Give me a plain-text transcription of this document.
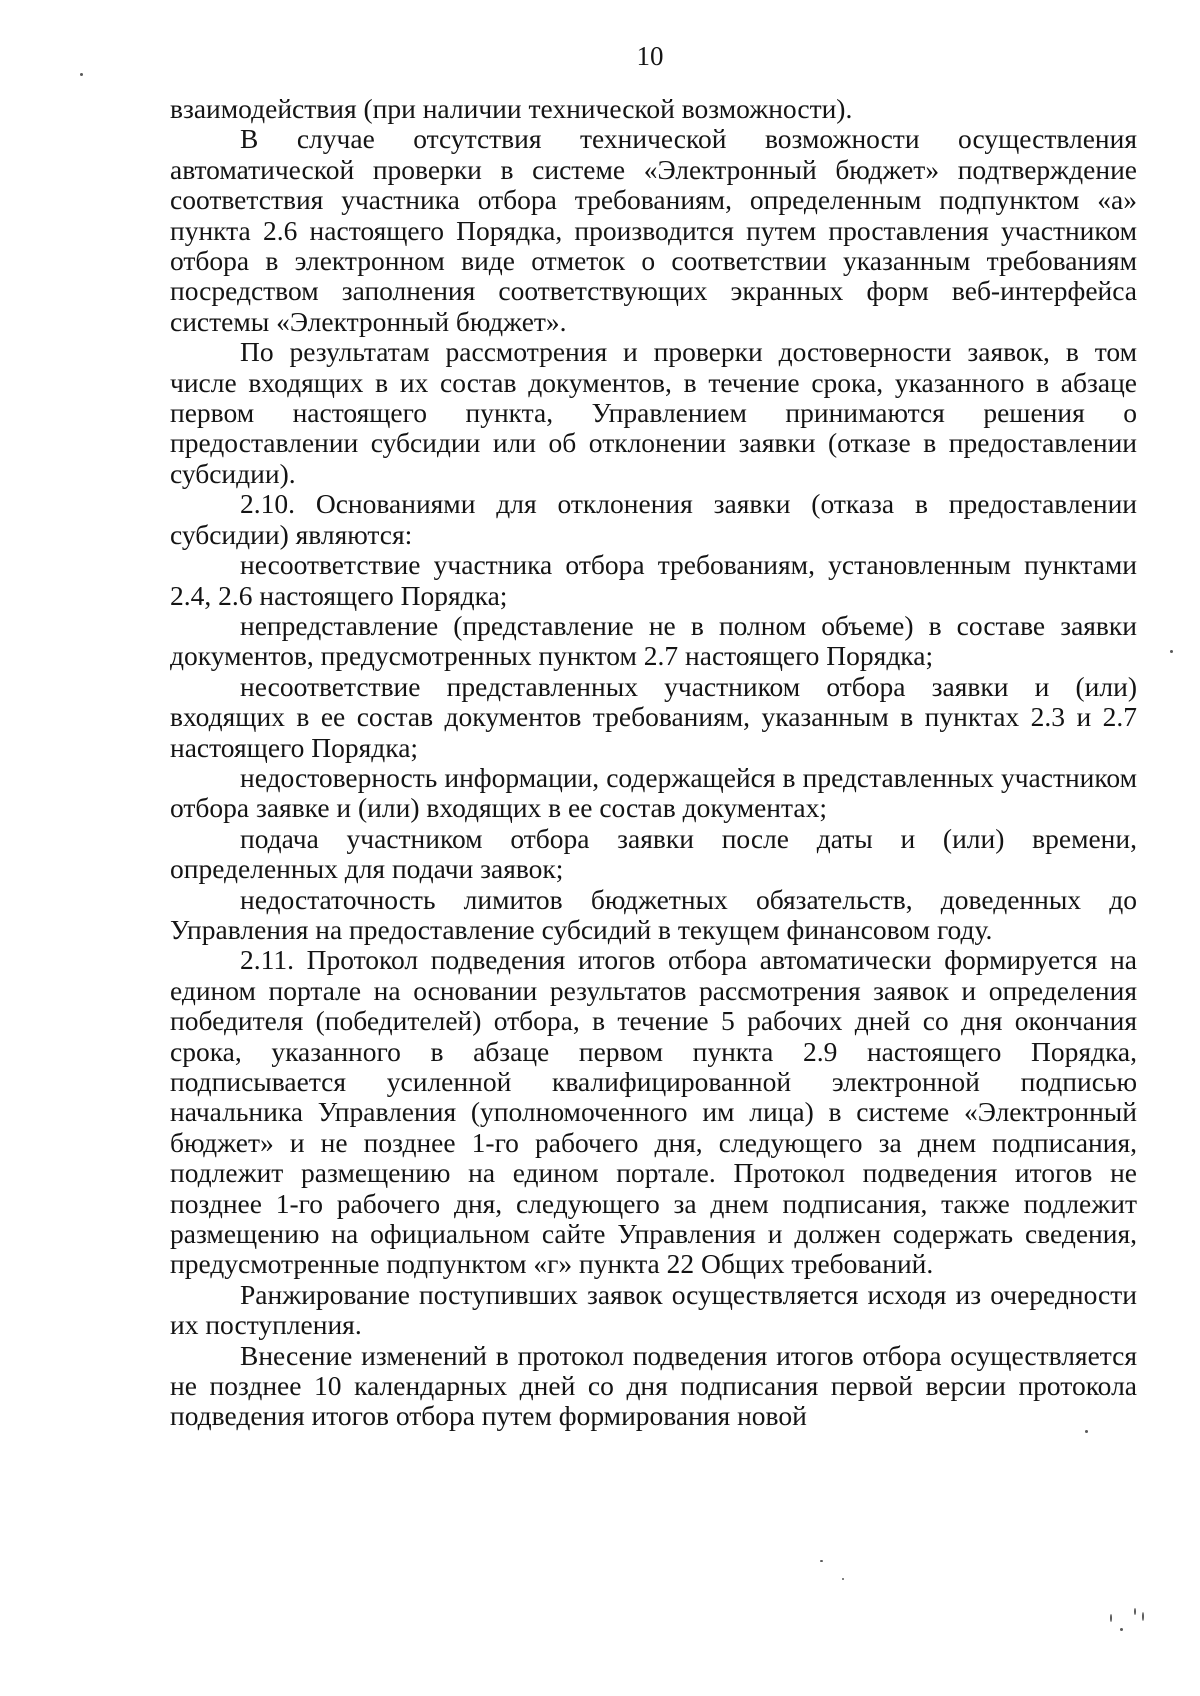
10

взаимодействия (при наличии технической возможности).

В случае отсутствия технической возможности осуществления автоматической проверки в системе «Электронный бюджет» подтверждение соответствия участника отбора требованиям, определенным подпунктом «а» пункта 2.6 настоящего Порядка, производится путем проставления участником отбора в электронном виде отметок о соответствии указанным требованиям посредством заполнения соответствующих экранных форм веб-интерфейса системы «Электронный бюджет».

По результатам рассмотрения и проверки достоверности заявок, в том числе входящих в их состав документов, в течение срока, указанного в абзаце первом настоящего пункта, Управлением принимаются решения о предоставлении субсидии или об отклонении заявки (отказе в предоставлении субсидии).

2.10. Основаниями для отклонения заявки (отказа в предоставлении субсидии) являются:

несоответствие участника отбора требованиям, установленным пунктами 2.4, 2.6 настоящего Порядка;

непредставление (представление не в полном объеме) в составе заявки документов, предусмотренных пунктом 2.7 настоящего Порядка;

несоответствие представленных участником отбора заявки и (или) входящих в ее состав документов требованиям, указанным в пунктах 2.3 и 2.7 настоящего Порядка;

недостоверность информации, содержащейся в представленных участником отбора заявке и (или) входящих в ее состав документах;

подача участником отбора заявки после даты и (или) времени, определенных для подачи заявок;

недостаточность лимитов бюджетных обязательств, доведенных до Управления на предоставление субсидий в текущем финансовом году.

2.11. Протокол подведения итогов отбора автоматически формируется на едином портале на основании результатов рассмотрения заявок и определения победителя (победителей) отбора, в течение 5 рабочих дней со дня окончания срока, указанного в абзаце первом пункта 2.9 настоящего Порядка, подписывается усиленной квалифицированной электронной подписью начальника Управления (уполномоченного им лица) в системе «Электронный бюджет» и не позднее 1-го рабочего дня, следующего за днем подписания, подлежит размещению на едином портале. Протокол подведения итогов не позднее 1-го рабочего дня, следующего за днем подписания, также подлежит размещению на официальном сайте Управления и должен содержать сведения, предусмотренные подпунктом «г» пункта 22 Общих требований.

Ранжирование поступивших заявок осуществляется исходя из очередности их поступления.

Внесение изменений в протокол подведения итогов отбора осуществляется не позднее 10 календарных дней со дня подписания первой версии протокола подведения итогов отбора путем формирования новой
